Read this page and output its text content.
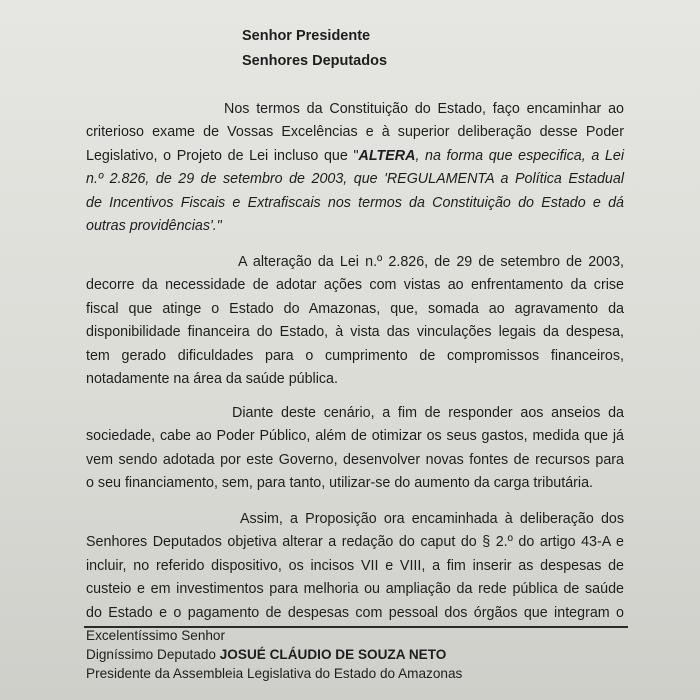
Senhor Presidente
Senhores Deputados
Nos termos da Constituição do Estado, faço encaminhar ao
criterioso exame de Vossas Excelências e à superior deliberação desse Poder
Legislativo, o Projeto de Lei incluso que "ALTERA, na forma que especifica, a Lei
n.º 2.826, de 29 de setembro de 2003, que 'REGULAMENTA a Política Estadual
de Incentivos Fiscais e Extrafiscais nos termos da Constituição do Estado e dá
outras providências'."
A alteração da Lei n.º 2.826, de 29 de setembro de 2003,
decorre da necessidade de adotar ações com vistas ao enfrentamento da crise
fiscal que atinge o Estado do Amazonas, que, somada ao agravamento da
disponibilidade financeira do Estado, à vista das vinculações legais da despesa,
tem gerado dificuldades para o cumprimento de compromissos financeiros,
notadamente na área da saúde pública.
Diante deste cenário, a fim de responder aos anseios da
sociedade, cabe ao Poder Público, além de otimizar os seus gastos, medida que já
vem sendo adotada por este Governo, desenvolver novas fontes de recursos para
o seu financiamento, sem, para tanto, utilizar-se do aumento da carga tributária.
Assim, a Proposição ora encaminhada à deliberação dos
Senhores Deputados objetiva alterar a redação do caput do § 2.º do artigo 43-A e
incluir, no referido dispositivo, os incisos VII e VIII, a fim inserir as despesas de
custeio e em investimentos para melhoria ou ampliação da rede pública de saúde
do Estado e o pagamento de despesas com pessoal dos órgãos que integram o
Excelentíssimo Senhor
Digníssimo Deputado JOSUÉ CLÁUDIO DE SOUZA NETO
Presidente da Assembleia Legislativa do Estado do Amazonas
